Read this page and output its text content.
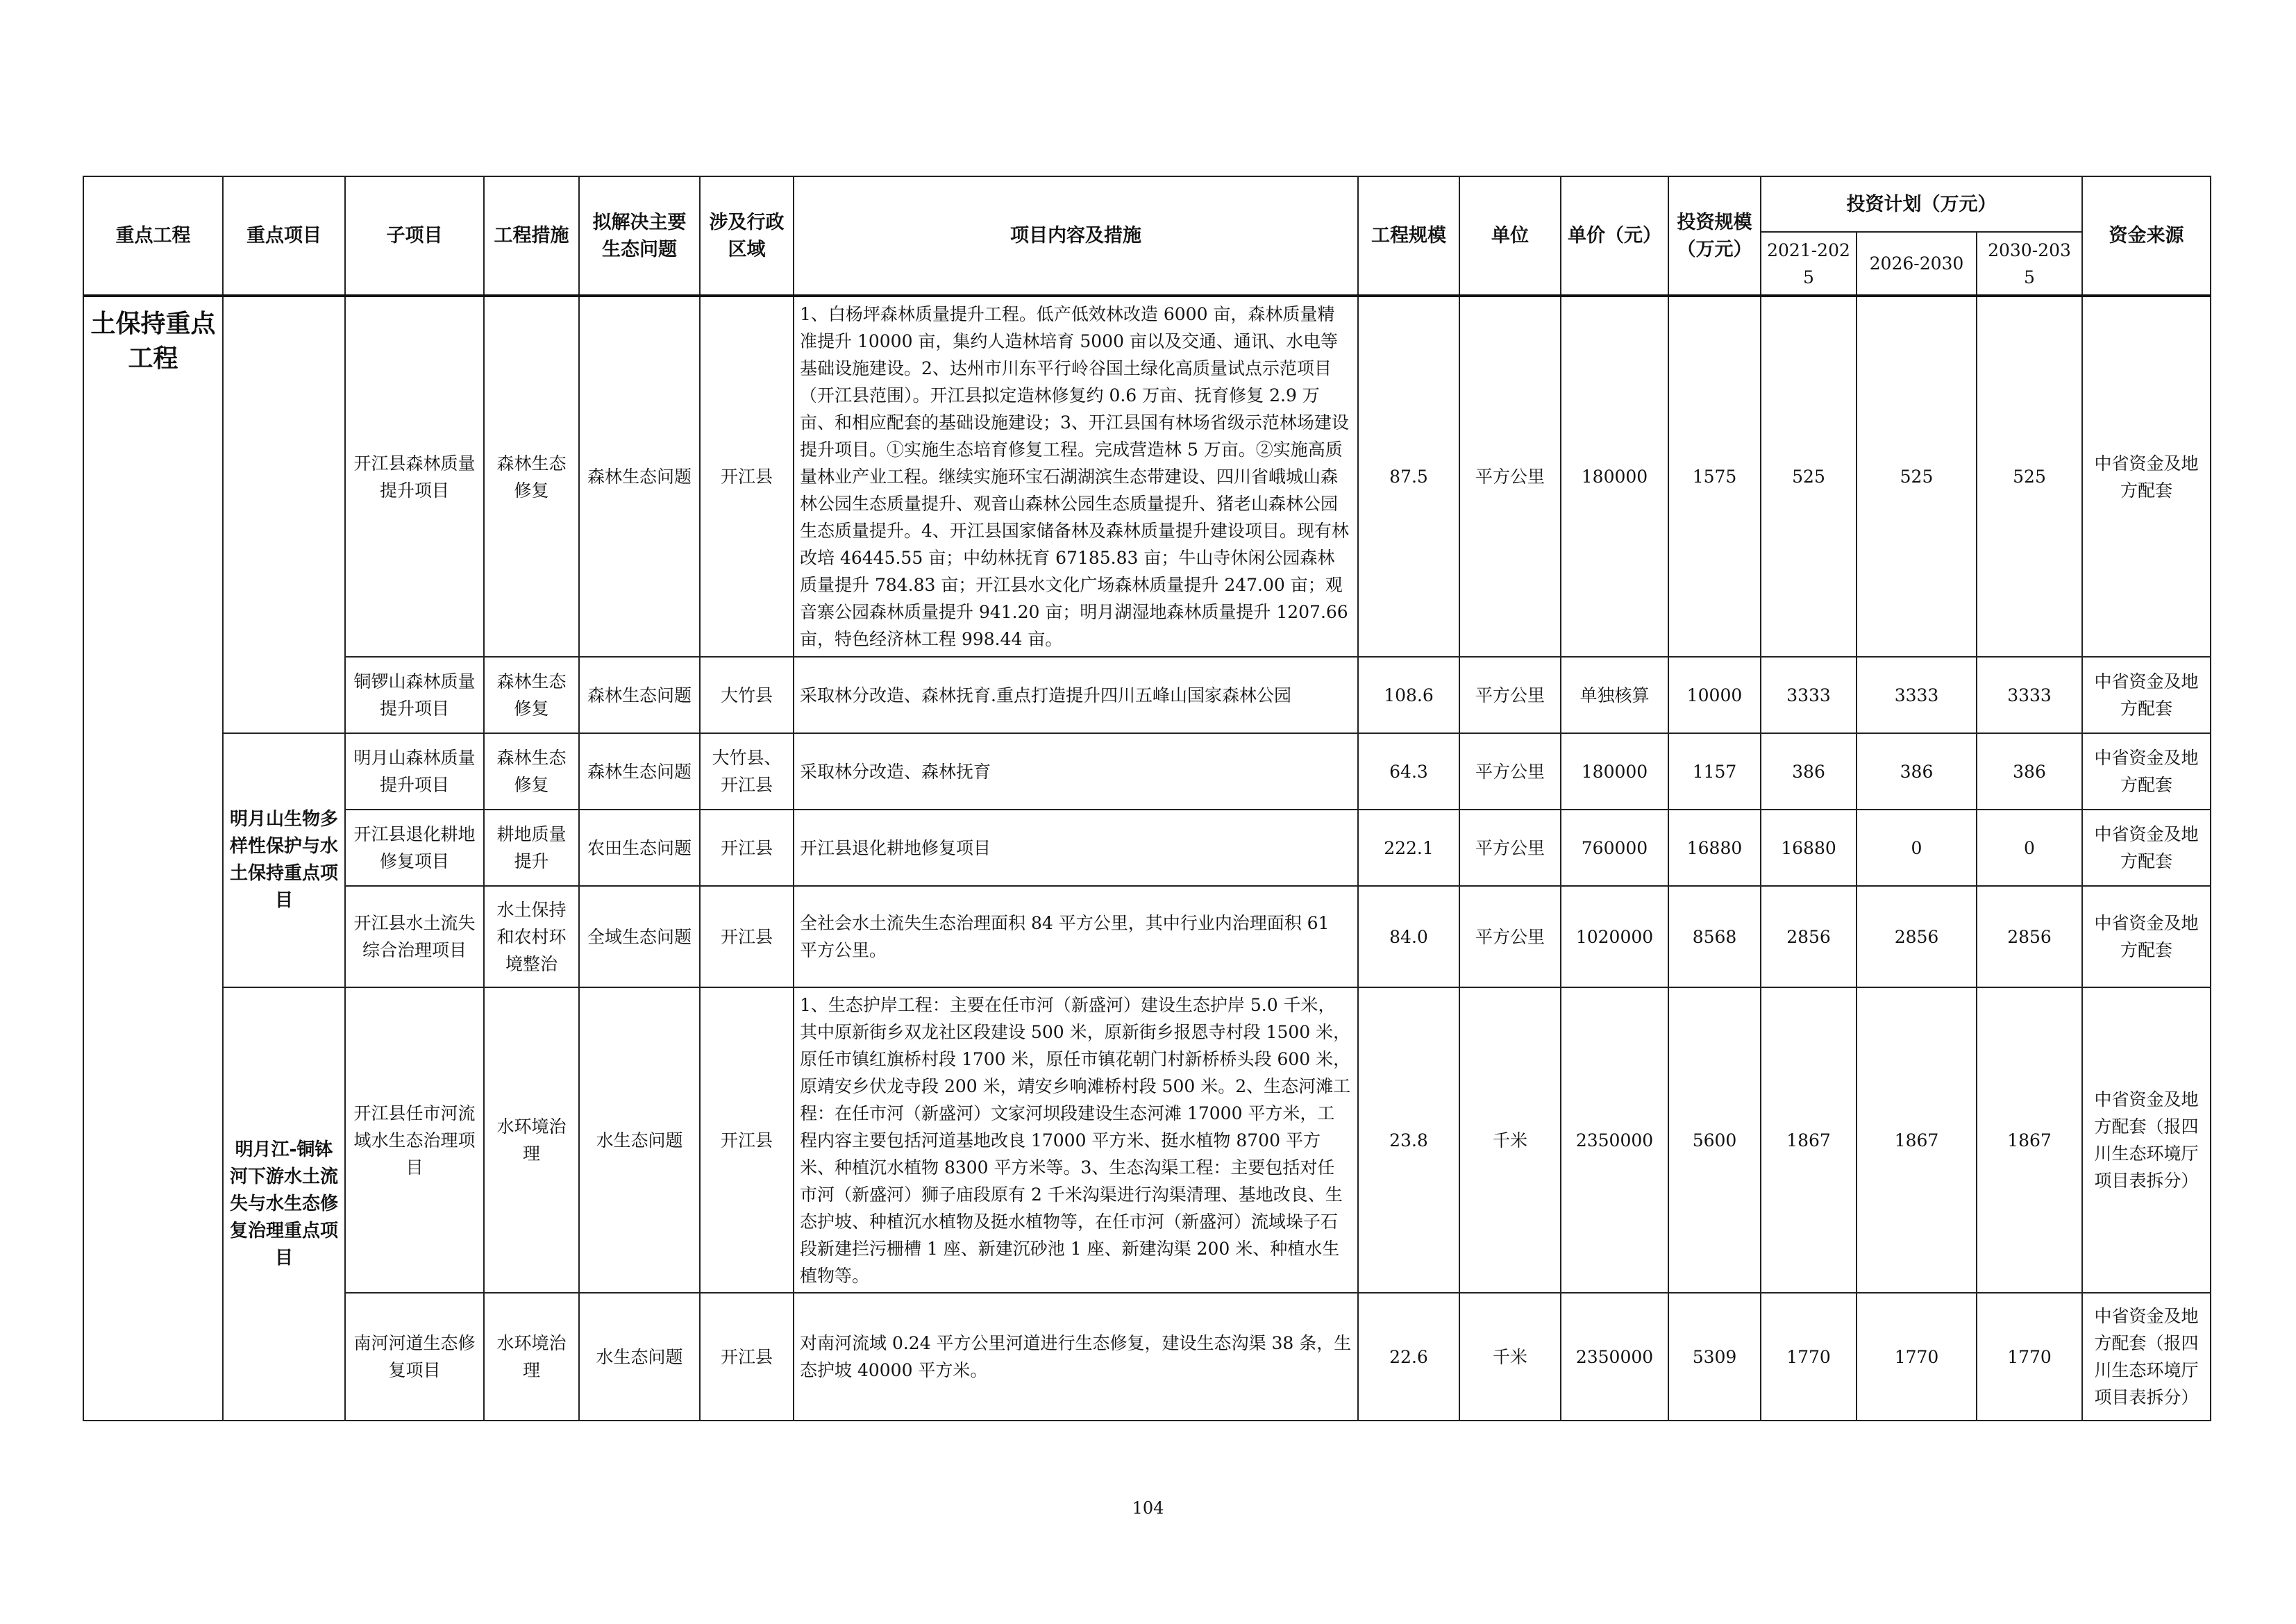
重点工程	重点项目	子项目	工程措施	拟解决主要生态问题	涉及行政区域	项目内容及措施	工程规模	单位	单价（元）	投资规模（万元）	投资计划（万元）			资金来源
											2021-2025	2026-2030	2030-2035	
土保持重点工程		开江县森林质量提升项目	森林生态修复	森林生态问题	开江县	1、白杨坪森林质量提升工程。低产低效林改造 6000 亩，森林质量精准提升 10000 亩，集约人造林培育 5000 亩以及交通、通讯、水电等基础设施建设。2、达州市川东平行岭谷国土绿化高质量试点示范项目（开江县范围）。开江县拟定造林修复约 0.6 万亩、抚育修复 2.9 万亩、和相应配套的基础设施建设；3、开江县国有林场省级示范林场建设提升项目。①实施生态培育修复工程。完成营造林 5 万亩。②实施高质量林业产业工程。继续实施环宝石湖湖滨生态带建设、四川省峨城山森林公园生态质量提升、观音山森林公园生态质量提升、猪老山森林公园生态质量提升。4、开江县国家储备林及森林质量提升建设项目。现有林改培 46445.55 亩；中幼林抚育 67185.83 亩；牛山寺休闲公园森林质量提升 784.83 亩；开江县水文化广场森林质量提升 247.00 亩；观音寨公园森林质量提升 941.20 亩；明月湖湿地森林质量提升 1207.66 亩，特色经济林工程 998.44 亩。	87.5	平方公里	180000	1575	525	525	525	中省资金及地方配套
		铜锣山森林质量提升项目	森林生态修复	森林生态问题	大竹县	采取林分改造、森林抚育.重点打造提升四川五峰山国家森林公园	108.6	平方公里	单独核算	10000	3333	3333	3333	中省资金及地方配套
	明月山生物多样性保护与水土保持重点项目	明月山森林质量提升项目	森林生态修复	森林生态问题	大竹县、开江县	采取林分改造、森林抚育	64.3	平方公里	180000	1157	386	386	386	中省资金及地方配套
		开江县退化耕地修复项目	耕地质量提升	农田生态问题	开江县	开江县退化耕地修复项目	222.1	平方公里	760000	16880	16880	0	0	中省资金及地方配套
		开江县水土流失综合治理项目	水土保持和农村环境整治	全域生态问题	开江县	全社会水土流失生态治理面积 84 平方公里，其中行业内治理面积 61 平方公里。	84.0	平方公里	1020000	8568	2856	2856	2856	中省资金及地方配套
	明月江-铜钵河下游水土流失与水生态修复治理重点项目	开江县任市河流域水生态治理项目	水环境治理	水生态问题	开江县	1、生态护岸工程：主要在任市河（新盛河）建设生态护岸 5.0 千米，其中原新街乡双龙社区段建设 500 米，原新街乡报恩寺村段 1500 米，原任市镇红旗桥村段 1700 米，原任市镇花朝门村新桥桥头段 600 米，原靖安乡伏龙寺段 200 米，靖安乡响滩桥村段 500 米。2、生态河滩工程：在任市河（新盛河）文家河坝段建设生态河滩 17000 平方米，工程内容主要包括河道基地改良 17000 平方米、挺水植物 8700 平方米、种植沉水植物 8300 平方米等。3、生态沟渠工程：主要包括对任市河（新盛河）狮子庙段原有 2 千米沟渠进行沟渠清理、基地改良、生态护坡、种植沉水植物及挺水植物等，在任市河（新盛河）流域垛子石段新建拦污栅槽 1 座、新建沉砂池 1 座、新建沟渠 200 米、种植水生植物等。	23.8	千米	2350000	5600	1867	1867	1867	中省资金及地方配套（报四川生态环境厅项目表拆分）
		南河河道生态修复项目	水环境治理	水生态问题	开江县	对南河流域 0.24 平方公里河道进行生态修复，建设生态沟渠 38 条，生态护坡 40000 平方米。	22.6	千米	2350000	5309	1770	1770	1770	中省资金及地方配套（报四川生态环境厅项目表拆分）
104
